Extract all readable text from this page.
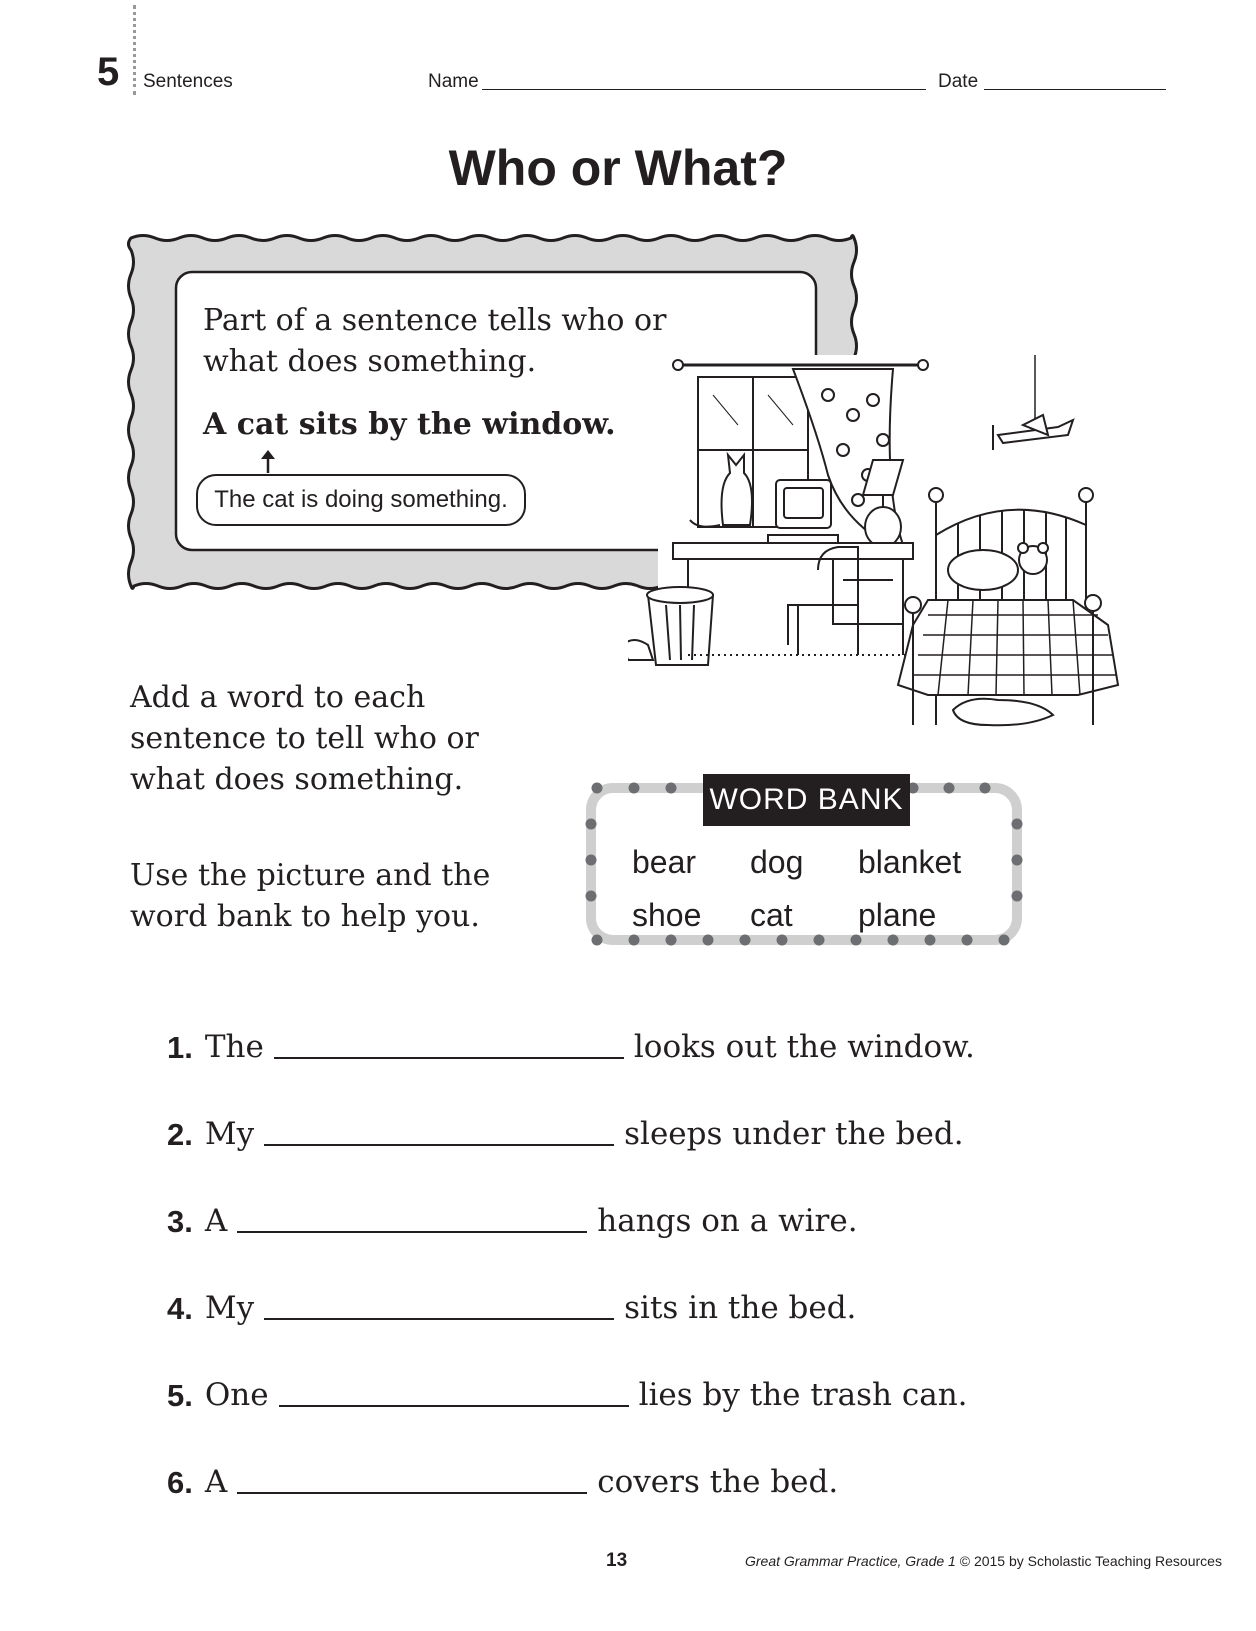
5 Sentences	Name	Date
Who or What?
Part of a sentence tells who or what does something.
A cat sits by the window.
The cat is doing something.
Add a word to each sentence to tell who or what does something.
Use the picture and the word bank to help you.
WORD BANK
bear dog blanket
shoe cat plane
1. The	looks out the window.
2. My	sleeps under the bed.
3. A	hangs on a wire.
4. My	sits in the bed.
5. One	lies by the trash can.
6. A	covers the bed.
13	Great Grammar Practice, Grade 1 © 2015 by Scholastic Teaching Resources
